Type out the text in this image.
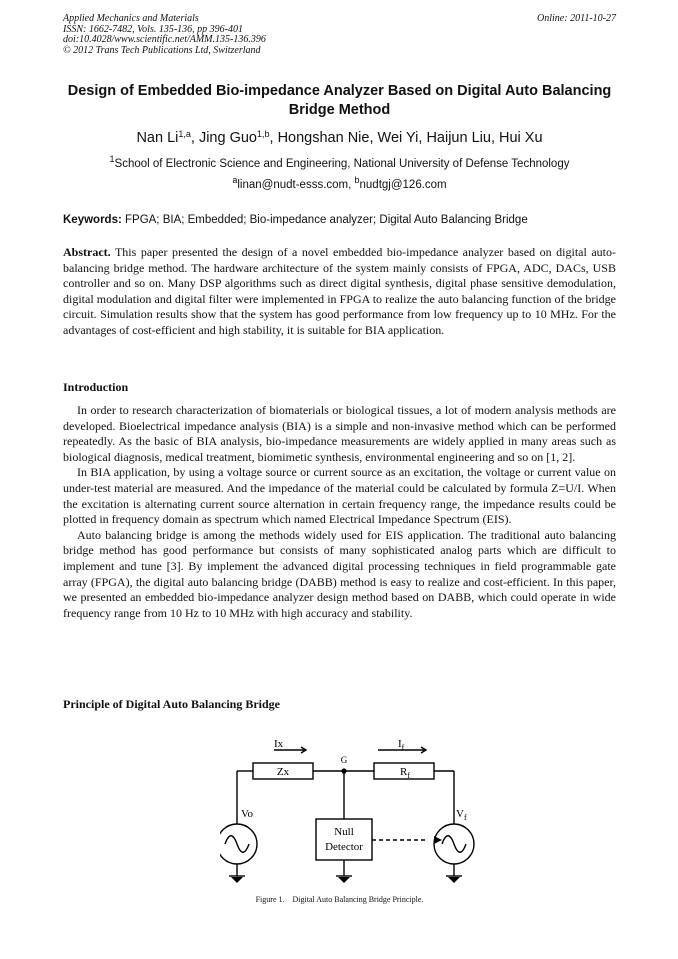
Applied Mechanics and Materials
ISSN: 1662-7482, Vols. 135-136, pp 396-401
doi:10.4028/www.scientific.net/AMM.135-136.396
© 2012 Trans Tech Publications Ltd, Switzerland
Online: 2011-10-27
Design of Embedded Bio-impedance Analyzer Based on Digital Auto Balancing Bridge Method
Nan Li$^{1,a}$, Jing Guo$^{1,b}$, Hongshan Nie, Wei Yi, Haijun Liu, Hui Xu
$^1$School of Electronic Science and Engineering, National University of Defense Technology
$^a$linan@nudt-esss.com, $^b$nudtgj@126.com
Keywords: FPGA; BIA; Embedded; Bio-impedance analyzer; Digital Auto Balancing Bridge
Abstract. This paper presented the design of a novel embedded bio-impedance analyzer based on digital auto-balancing bridge method. The hardware architecture of the system mainly consists of FPGA, ADC, DACs, USB controller and so on. Many DSP algorithms such as direct digital synthesis, digital phase sensitive demodulation, digital modulation and digital filter were implemented in FPGA to realize the auto balancing function of the bridge circuit. Simulation results show that the system has good performance from low frequency up to 10 MHz. For the advantages of cost-efficient and high stability, it is suitable for BIA application.
Introduction

In order to research characterization of biomaterials or biological tissues, a lot of modern analysis methods are developed. Bioelectrical impedance analysis (BIA) is a simple and non-invasive method which can be performed repeatedly. As the basic of BIA analysis, bio-impedance measurements are widely applied in many areas such as biological diagnosis, medical treatment, biomimetic synthesis, environmental engineering and so on [1, 2].

In BIA application, by using a voltage source or current source as an excitation, the voltage or current value on under-test material are measured. And the impedance of the material could be calculated by formula Z=U/I. When the excitation is alternating current source alternation in certain frequency range, the impedance results could be plotted in frequency domain as spectrum which named Electrical Impedance Spectrum (EIS).

Auto balancing bridge is among the methods widely used for EIS application. The traditional auto balancing bridge method has good performance but consists of many sophisticated analog parts which are difficult to implement and tune [3]. By implement the advanced digital processing techniques in field programmable gate array (FPGA), the digital auto balancing bridge (DABB) method is easy to realize and cost-efficient. In this paper, we presented an embedded bio-impedance analyzer design method based on DABB, which could operate in wide frequency range from 10 Hz to 10 MHz with high accuracy and stability.

Principle of Digital Auto Balancing Bridge
Ix	$I_f$
Zx	$R_f$
G
Vo	$V_f$
Null
Detector
Figure 1. Digital Auto Balancing Bridge Principle.
